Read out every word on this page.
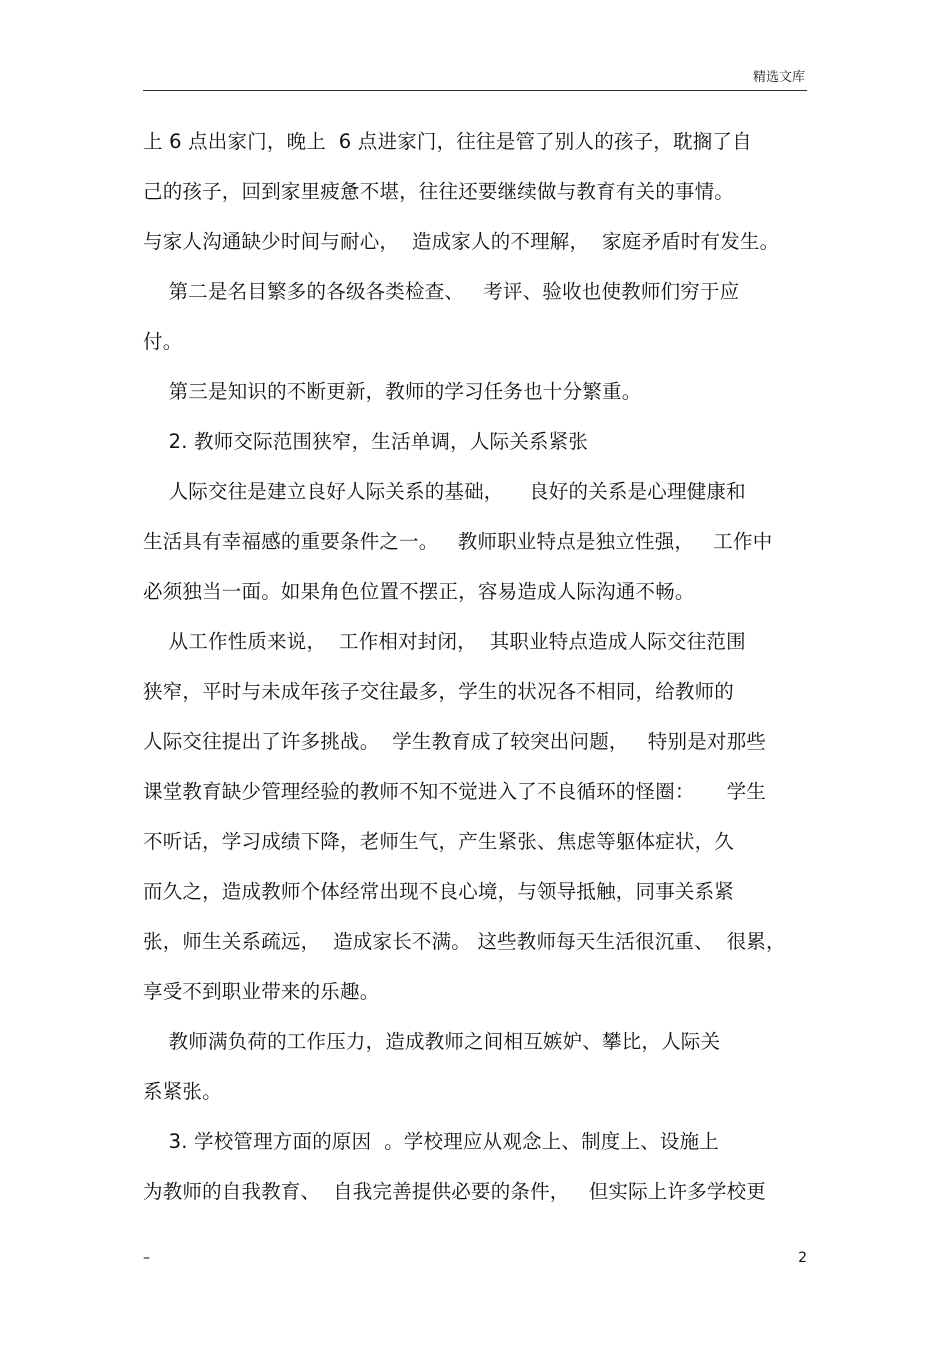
精选文库
上 6 点出家门，晚上  6 点进家门，往往是管了别人的孩子，耽搁了自
己的孩子，回到家里疲惫不堪，往往还要继续做与教育有关的事情。
与家人沟通缺少时间与耐心，  造成家人的不理解，  家庭矛盾时有发生。
第二是名目繁多的各级各类检查、   考评、验收也使教师们穷于应
付。
第三是知识的不断更新，教师的学习任务也十分繁重。
2. 教师交际范围狭窄，生活单调，人际关系紧张
人际交往是建立良好人际关系的基础，    良好的关系是心理健康和
生活具有幸福感的重要条件之一。   教师职业特点是独立性强，   工作中
必须独当一面。如果角色位置不摆正，容易造成人际沟通不畅。
从工作性质来说，  工作相对封闭，  其职业特点造成人际交往范围
狭窄，平时与未成年孩子交往最多，学生的状况各不相同，给教师的
人际交往提出了许多挑战。  学生教育成了较突出问题，   特别是对那些
课堂教育缺少管理经验的教师不知不觉进入了不良循环的怪圈：     学生
不听话，学习成绩下降，老师生气，产生紧张、焦虑等躯体症状，久
而久之，造成教师个体经常出现不良心境，与领导抵触，同事关系紧
张，师生关系疏远，  造成家长不满。 这些教师每天生活很沉重、  很累，
享受不到职业带来的乐趣。
教师满负荷的工作压力，造成教师之间相互嫉妒、攀比，人际关
系紧张。
3. 学校管理方面的原因  。学校理应从观念上、制度上、设施上
为教师的自我教育、  自我完善提供必要的条件，   但实际上许多学校更
–	2
